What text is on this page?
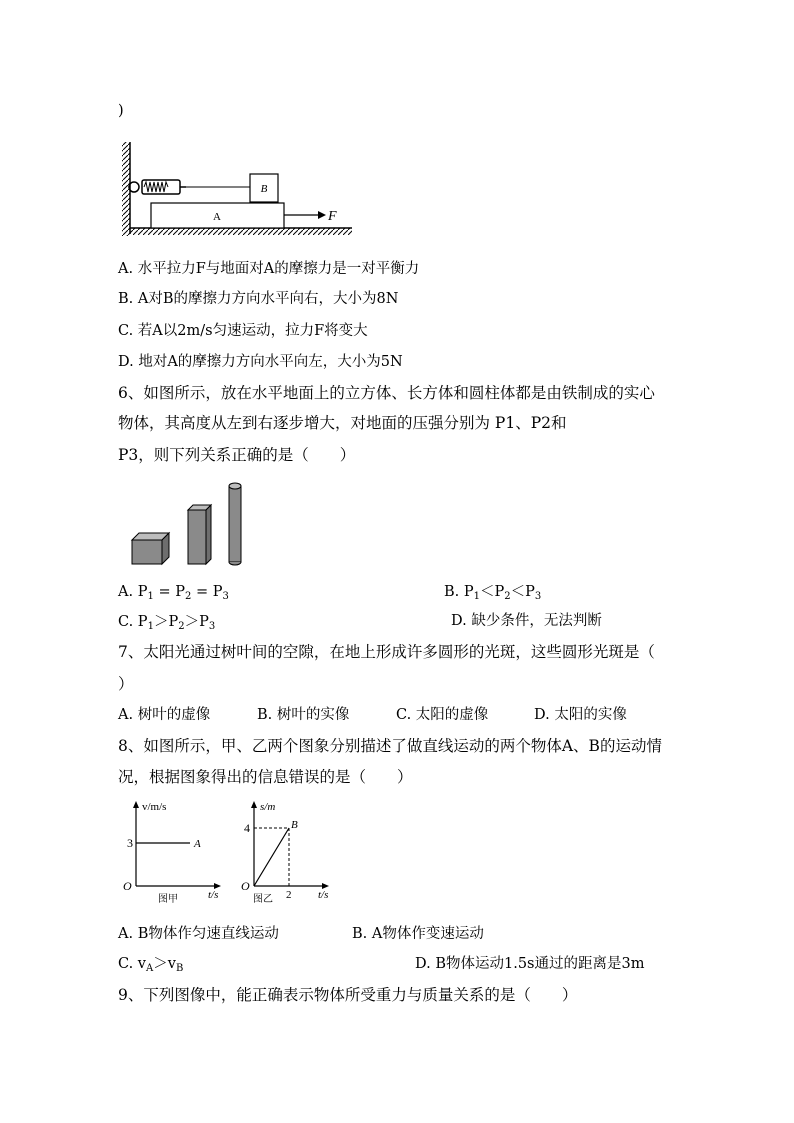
)
B
A	F
A. 水平拉力F与地面对A的摩擦力是一对平衡力
B. A对B的摩擦力方向水平向右，大小为8N
C. 若A以2m/s匀速运动，拉力F将变大
D. 地对A的摩擦力方向水平向左，大小为5N
6、如图所示，放在水平地面上的立方体、长方体和圆柱体都是由铁制成的实心
物体，其高度从左到右逐步增大，对地面的压强分别为 P1、P2和
P3，则下列关系正确的是（　　）
A. $P_1 = P_2 = P_3$	B. $P_1<P_2<P_3$
C. $P_1>P_2>P_3$	D. 缺少条件，无法判断
7、太阳光通过树叶间的空隙，在地上形成许多圆形的光斑，这些圆形光斑是（
）
A. 树叶的虚像	B. 树叶的实像	C. 太阳的虚像	D. 太阳的实像
8、如图所示，甲、乙两个图象分别描述了做直线运动的两个物体A、B的运动情
况，根据图象得出的信息错误的是（　　）
v/m/s
3	A
O
t/s
图甲
s/m
4	B
2
O
t/s
图乙
A. B物体作匀速直线运动	B. A物体作变速运动
C. $v_A>v_B$	D. B物体运动1.5s通过的距离是3m
9、下列图像中，能正确表示物体所受重力与质量关系的是（　　）
